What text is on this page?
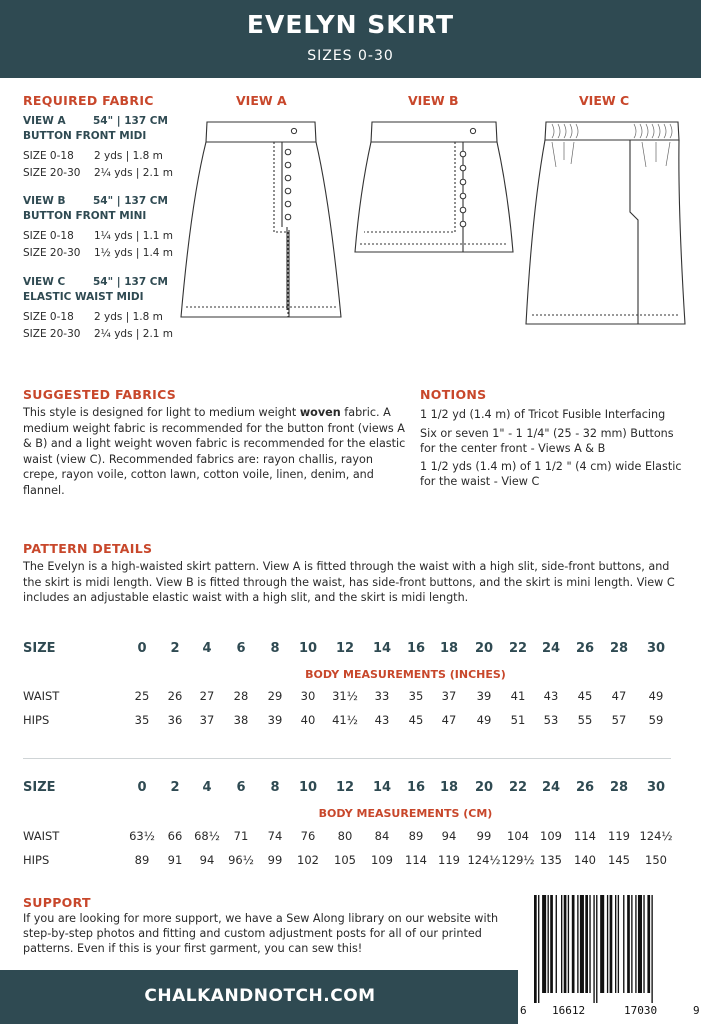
EVELYN SKIRT
SIZES 0-30
REQUIRED FABRIC
VIEW A	54" | 137 CM
BUTTON FRONT MIDI
SIZE 0-18 2 yds | 1.8 m
SIZE 20-30 2¼ yds | 2.1 m
VIEW B	54" | 137 CM
BUTTON FRONT MINI
SIZE 0-18 1¼ yds | 1.1 m
SIZE 20-30 1½ yds | 1.4 m
VIEW C	54" | 137 CM
ELASTIC WAIST MIDI
SIZE 0-18 2 yds | 1.8 m
SIZE 20-30 2¼ yds | 2.1 m
VIEW A	VIEW B	VIEW C
SUGGESTED FABRICS
This style is designed for light to medium weight woven fabric. A medium weight fabric is recommended for the button front (views A & B) and a light weight woven fabric is recommended for the elastic waist (view C). Recommended fabrics are: rayon challis, rayon crepe, rayon voile, cotton lawn, cotton voile, linen, denim, and flannel.
NOTIONS
1 1/2 yd (1.4 m) of Tricot Fusible Interfacing
Six or seven 1" - 1 1/4" (25 - 32 mm) Buttons for the center front - Views A & B
1 1/2 yds (1.4 m) of 1 1/2 " (4 cm) wide Elastic for the waist - View C
PATTERN DETAILS
The Evelyn is a high-waisted skirt pattern. View A is fitted through the waist with a high slit, side-front buttons, and the skirt is midi length. View B is fitted through the waist, has side-front buttons, and the skirt is mini length. View C includes an adjustable elastic waist with a high slit, and the skirt is midi length.
SIZE	0	2	4	6	8	10	12	14	16	18	20	22	24	26	28	30
BODY MEASUREMENTS (INCHES)
WAIST	25	26	27	28	29	30	31½	33	35	37	39	41	43	45	47	49
HIPS	35	36	37	38	39	40	41½	43	45	47	49	51	53	55	57	59
SIZE	0	2	4	6	8	10	12	14	16	18	20	22	24	26	28	30
BODY MEASUREMENTS (CM)
WAIST	63½	66	68½	71	74	76	80	84	89	94	99	104 109	114	119 124½
HIPS	89	91	94	96½	99	102	105	109	114 119 124½ 129½ 135	140	145	150
SUPPORT
If you are looking for more support, we have a Sew Along library on our website with step-by-step photos and fitting and custom adjustment posts for all of our printed patterns. Even if this is your first garment, you can sew this!
CHALKANDNOTCH.COM
6 16612	17030	9
